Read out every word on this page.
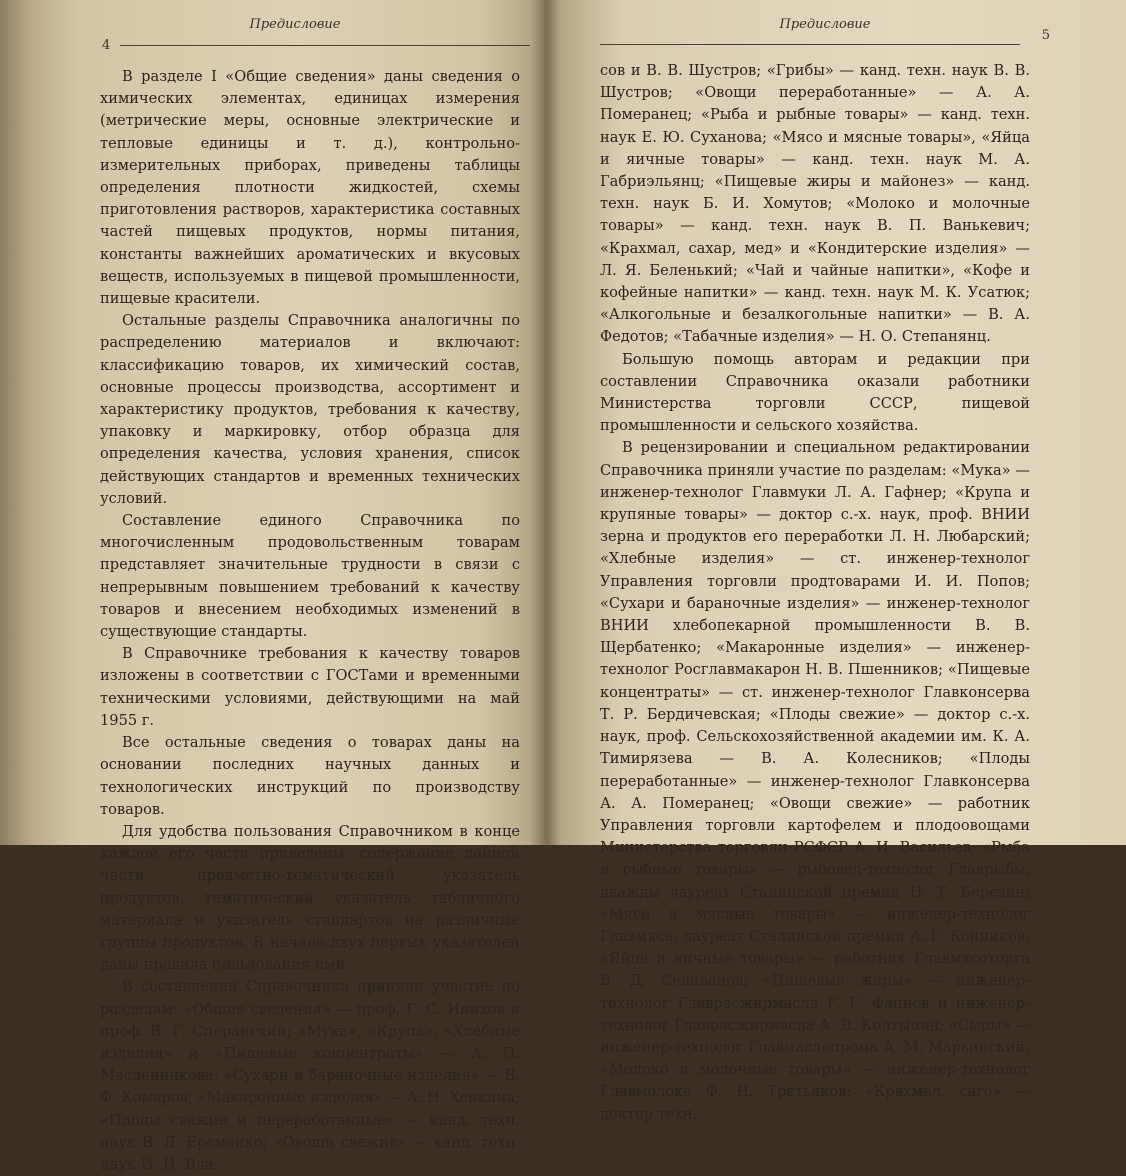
Предисловие
4

В разделе I «Общие сведения» даны сведения о химических элементах, единицах измерения (метрические меры, основные электрические и тепловые единицы и т. д.), контрольно-измерительных приборах, приведены таблицы определения плотности жидкостей, схемы приготовления растворов, характеристика составных частей пищевых продуктов, нормы питания, константы важнейших ароматических и вкусовых веществ, используемых в пищевой промышленности, пищевые красители.

Остальные разделы Справочника аналогичны по распределению материалов и включают: классификацию товаров, их химический состав, основные процессы производства, ассортимент и характеристику продуктов, требования к качеству, упаковку и маркировку, отбор образца для определения качества, условия хранения, список действующих стандартов и временных технических условий.

Составление единого Справочника по многочисленным продовольственным товарам представляет значительные трудности в связи с непрерывным повышением требований к качеству товаров и внесением необходимых изменений в существующие стандарты.

В Справочнике требования к качеству товаров изложены в соответствии с ГОСТами и временными техническими условиями, действующими на май 1955 г.

Все остальные сведения о товарах даны на основании последних научных данных и технологических инструкций по производству товаров.

Для удобства пользования Справочником в конце каждой его части приведены: содержание данной части, предметно-тематический указатель продуктов, тематический указатель табличного материала и указатель стандартов на различные группы продуктов. В начале двух первых указателей даны правила пользования ими.

В составлении Справочника приняли участие по разделам: «Общие сведения» — проф. Г. С. Инихов и проф. В. Г. Сперанский; «Мука», «Крупа», «Хлебные изделия» и «Пищевые концентраты» — А. П. Масленникова; «Сухари и бараночные изделия» — В. Ф. Комаров; «Макаронные изделия» — А. Н. Хенкина; «Плоды свежие и переработанные» — канд. техн. наук В. Д. Еременко; «Овощи свежие» — канд. техн. наук И. И. Вла-

Предисловие
5

сов и В. В. Шустров; «Грибы» — канд. техн. наук В. В. Шустров; «Овощи переработанные» — А. А. Померанец; «Рыба и рыбные товары» — канд. техн. наук Е. Ю. Суханова; «Мясо и мясные товары», «Яйца и яичные товары» — канд. техн. наук М. А. Габриэльянц; «Пищевые жиры и майонез» — канд. техн. наук Б. И. Хомутов; «Молоко и молочные товары» — канд. техн. наук В. П. Ванькевич; «Крахмал, сахар, мед» и «Кондитерские изделия» — Л. Я. Беленький; «Чай и чайные напитки», «Кофе и кофейные напитки» — канд. техн. наук М. К. Усатюк; «Алкогольные и безалкогольные напитки» — В. А. Федотов; «Табачные изделия» — Н. О. Степанянц.

Большую помощь авторам и редакции при составлении Справочника оказали работники Министерства торговли СССР, пищевой промышленности и сельского хозяйства.

В рецензировании и специальном редактировании Справочника приняли участие по разделам: «Мука» — инженер-технолог Главмуки Л. А. Гафнер; «Крупа и крупяные товары» — доктор с.-х. наук, проф. ВНИИ зерна и продуктов его переработки Л. Н. Любарский; «Хлебные изделия» — ст. инженер-технолог Управления торговли продтоварами И. И. Попов; «Сухари и бараночные изделия» — инженер-технолог ВНИИ хлебопекарной промышленности В. В. Щербатенко; «Макаронные изделия» — инженер-технолог Росглавмакарон Н. В. Пшенников; «Пищевые концентраты» — ст. инженер-технолог Главконсерва Т. Р. Бердичевская; «Плоды свежие» — доктор с.-х. наук, проф. Сельскохозяйственной академии им. К. А. Тимирязева — В. А. Колесников; «Плоды переработанные» — инженер-технолог Главконсерва А. А. Померанец; «Овощи свежие» — работник Управления торговли картофелем и плодоовощами Министерства торговли РСФСР А. И. Васильев; «Рыба и рыбные товары» — рыбовед-технолог Главрыбы, дважды лауреат Сталинской премии Н. Т. Березин; «Мясо и мясные товары» — инженер-технолог Главмяса, лауреат Сталинской премии А. Г. Конников; «Яйца и яичные товары» — работник Главмясоторга В. Д. Селиванов; «Пищевые жиры» — инженер-технолог Главрасжирмасла Г. Г. Фаниев и инженер-технолог Главрасжирмасла А. Л. Колтыпин; «Сыры» — инженер-технолог Главмаслопрома А. М. Марьинский; «Молоко и молочные товары» — инженер-технолог Главмолока Ф. Н. Третьяков; «Крахмал, саго» — доктор техн.
